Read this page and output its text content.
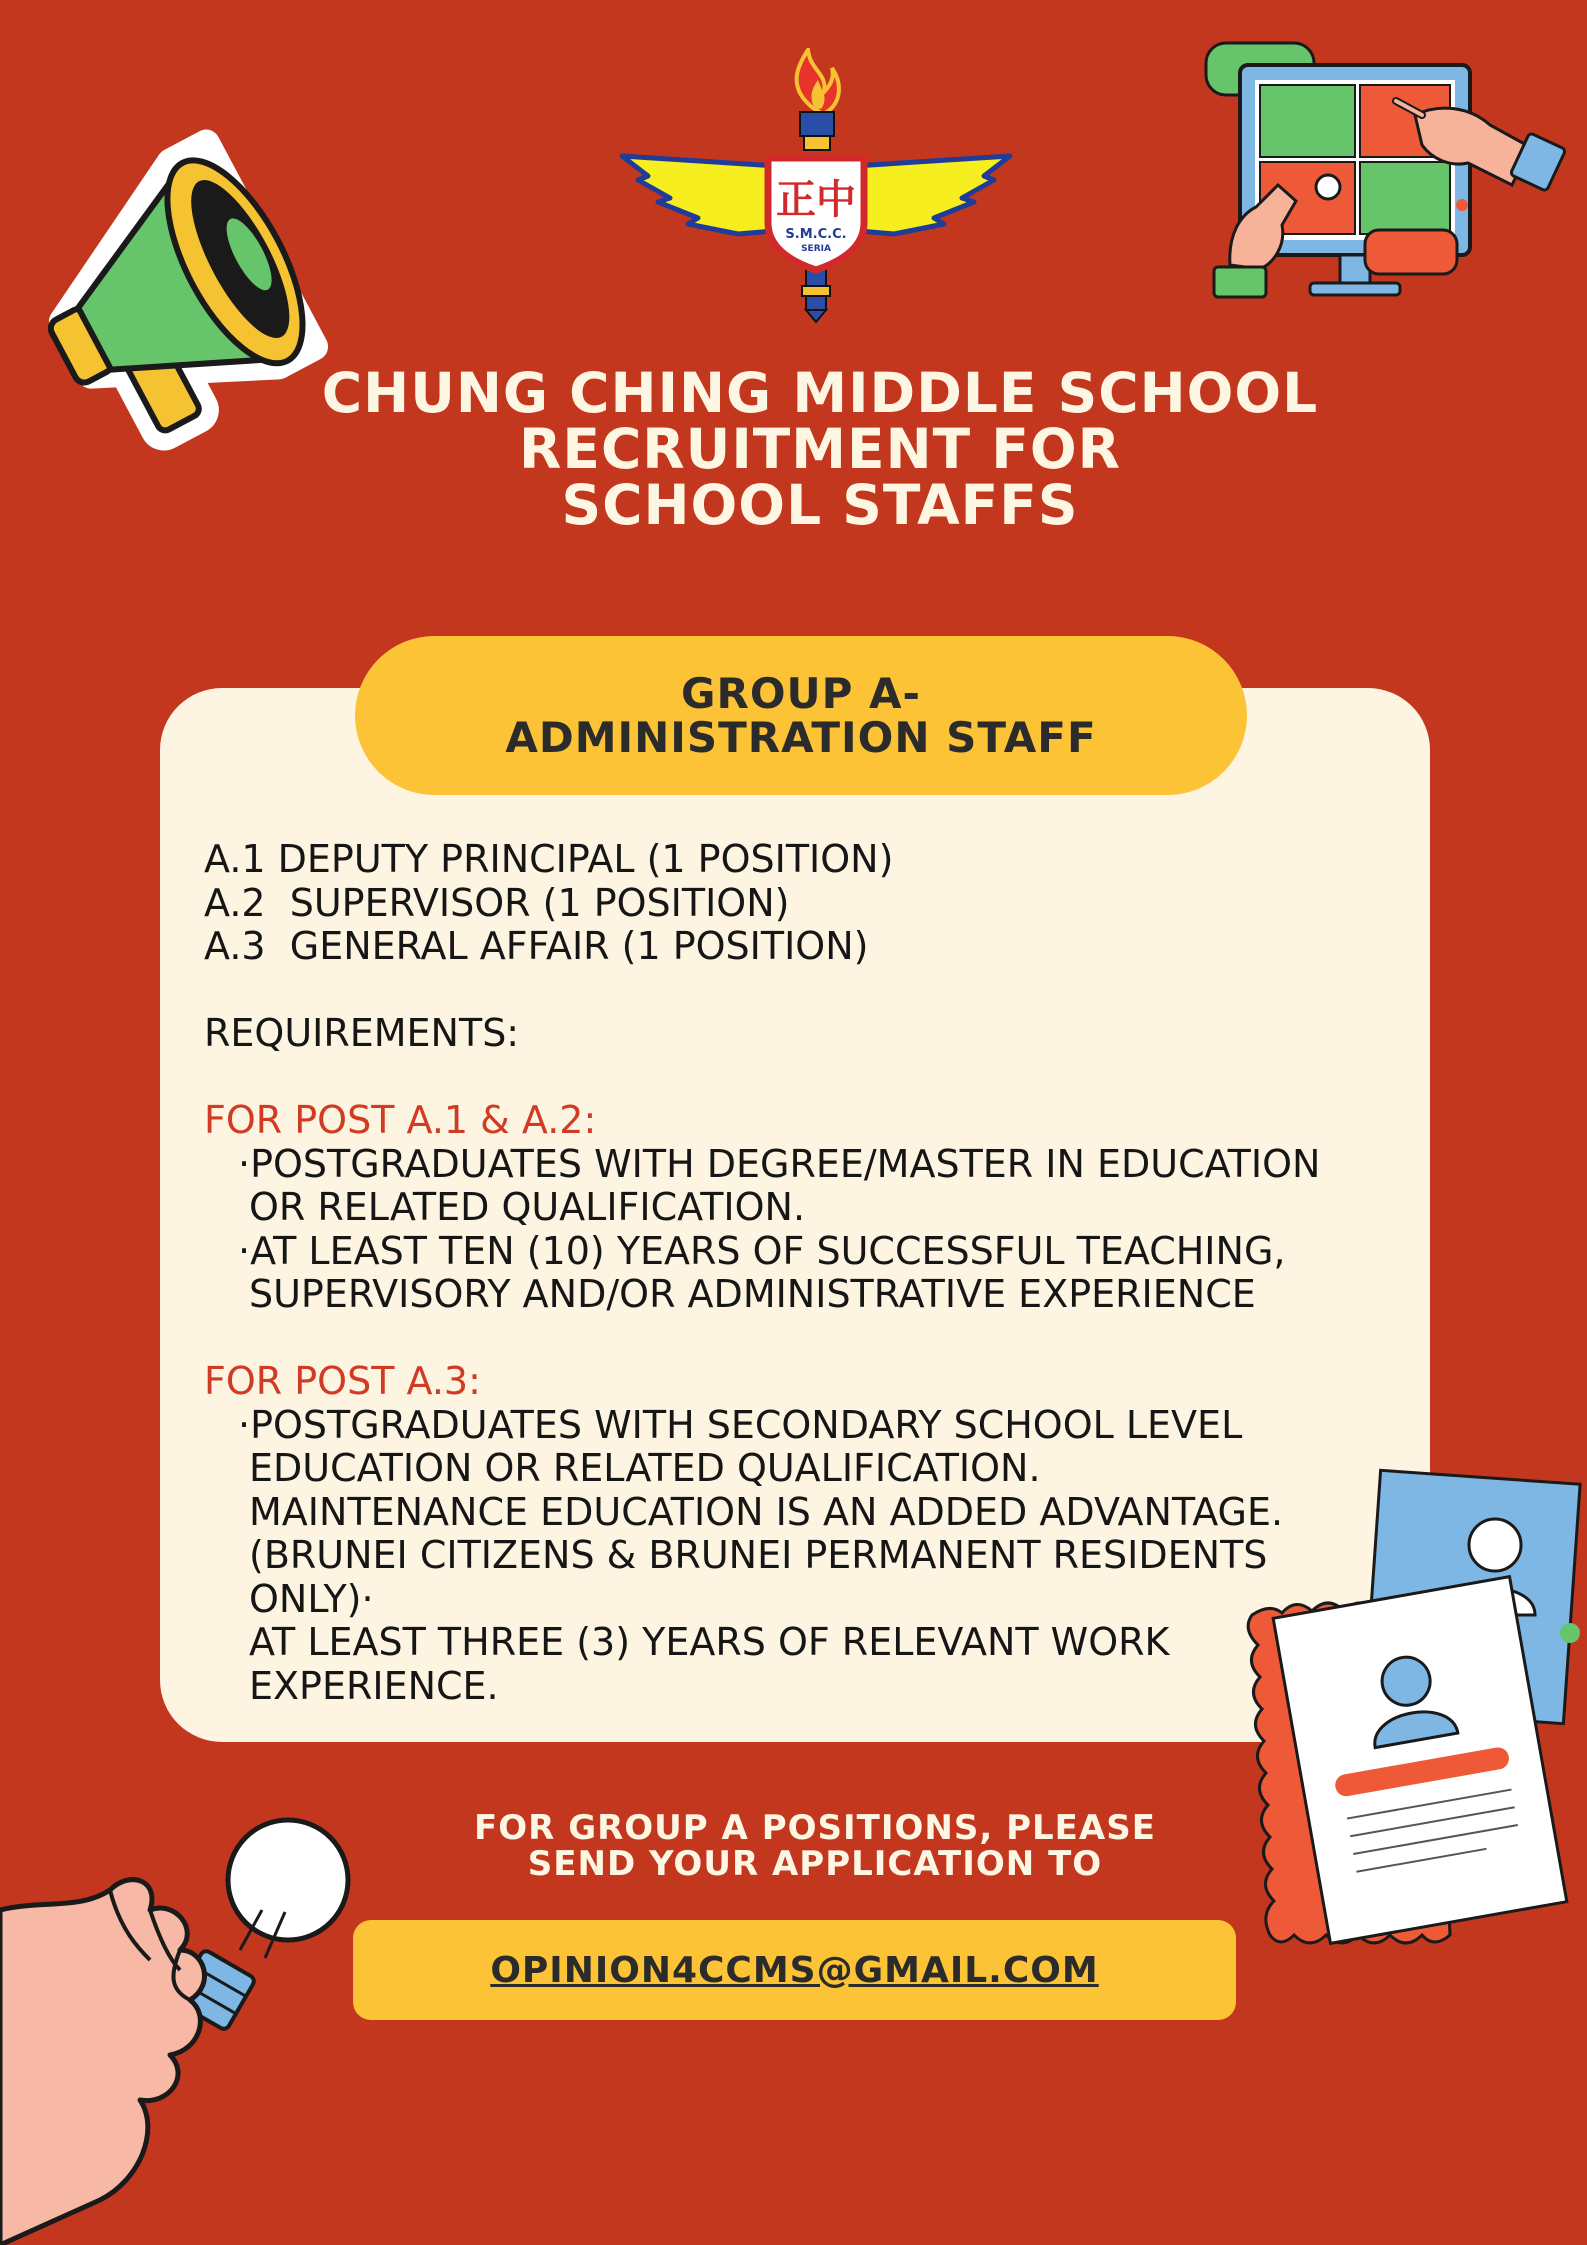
正中
S.M.C.C.
SERIA
CHUNG CHING MIDDLE SCHOOL
RECRUITMENT FOR
SCHOOL STAFFS
GROUP A-
ADMINISTRATION STAFF
A.1 DEPUTY PRINCIPAL (1 POSITION)
A.2  SUPERVISOR (1 POSITION)
A.3  GENERAL AFFAIR (1 POSITION)
REQUIREMENTS:
FOR POST A.1 & A.2:
·POSTGRADUATES WITH DEGREE/MASTER IN EDUCATION
OR RELATED QUALIFICATION.
·AT LEAST TEN (10) YEARS OF SUCCESSFUL TEACHING,
SUPERVISORY AND/OR ADMINISTRATIVE EXPERIENCE
FOR POST A.3:
·POSTGRADUATES WITH SECONDARY SCHOOL LEVEL
EDUCATION OR RELATED QUALIFICATION.
MAINTENANCE EDUCATION IS AN ADDED ADVANTAGE.
(BRUNEI CITIZENS & BRUNEI PERMANENT RESIDENTS
ONLY)·
AT LEAST THREE (3) YEARS OF RELEVANT WORK
EXPERIENCE.
FOR GROUP A POSITIONS, PLEASE
SEND YOUR APPLICATION TO
OPINION4CCMS@GMAIL.COM
